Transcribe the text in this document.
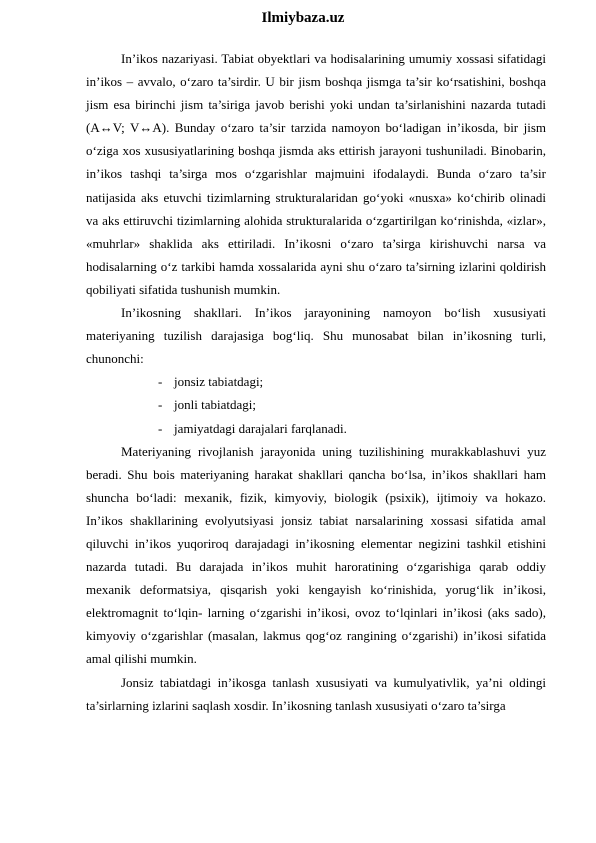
Ilmiybaza.uz

In’ikos nazariyasi. Tabiat obyektlari va hodisalarining umumiy xossasi sifatidagi in’ikos – avvalo, o‘zaro ta’sirdir. U bir jism boshqa jismga ta’sir ko‘rsatishini, boshqa jism esa birinchi jism ta’siriga javob berishi yoki undan ta’sirlanishini nazarda tutadi (A↔V; V↔A). Bunday o‘zaro ta’sir tarzida namoyon bo‘ladigan in’ikosda, bir jism o‘ziga xos xususiyatlarining boshqa jismda aks ettirish jarayoni tushuniladi. Binobarin, in’ikos tashqi ta’sirga mos o‘zgarishlar majmuini ifodalaydi. Bunda o‘zaro ta’sir natijasida aks etuvchi tizimlarning strukturalaridan go‘yoki «nusxa» ko‘chirib olinadi va aks ettiruvchi tizimlarning alohida strukturalarida o‘zgartirilgan ko‘rinishda, «izlar», «muhrlar» shaklida aks ettiriladi. In’ikosni o‘zaro ta’sirga kirishuvchi narsa va hodisalarning o‘z tarkibi hamda xossalarida ayni shu o‘zaro ta’sirning izlarini qoldirish qobiliyati sifatida tushunish mumkin.

In’ikosning shakllari. In’ikos jarayonining namoyon bo‘lish xususiyati materiyaning tuzilish darajasiga bog‘liq. Shu munosabat bilan in’ikosning turli, chunonchi:

- jonsiz tabiatdagi;
- jonli tabiatdagi;
- jamiyatdagi darajalari farqlanadi.

Materiyaning rivojlanish jarayonida uning tuzilishining murakkablashuvi yuz beradi. Shu bois materiyaning harakat shakllari qancha bo‘lsa, in’ikos shakllari ham shuncha bo‘ladi: mexanik, fizik, kimyoviy, biologik (psixik), ijtimoiy va hokazo. In’ikos shakllarining evolyutsiyasi jonsiz tabiat narsalarining xossasi sifatida amal qiluvchi in’ikos yuqoriroq darajadagi in’ikosning elementar negizini tashkil etishini nazarda tutadi. Bu darajada in’ikos muhit haroratining o‘zgarishiga qarab oddiy mexanik deformatsiya, qisqarish yoki kengayish ko‘rinishida, yorug‘lik in’ikosi, elektromagnit to‘lqin- larning o‘zgarishi in’ikosi, ovoz to‘lqinlari in’ikosi (aks sado), kimyoviy o‘zgarishlar (masalan, lakmus qog‘oz rangining o‘zgarishi) in’ikosi sifatida amal qilishi mumkin.

Jonsiz tabiatdagi in’ikosga tanlash xususiyati va kumulyativlik, ya’ni oldingi ta’sirlarning izlarini saqlash xosdir. In’ikosning tanlash xususiyati o‘zaro ta’sirga
